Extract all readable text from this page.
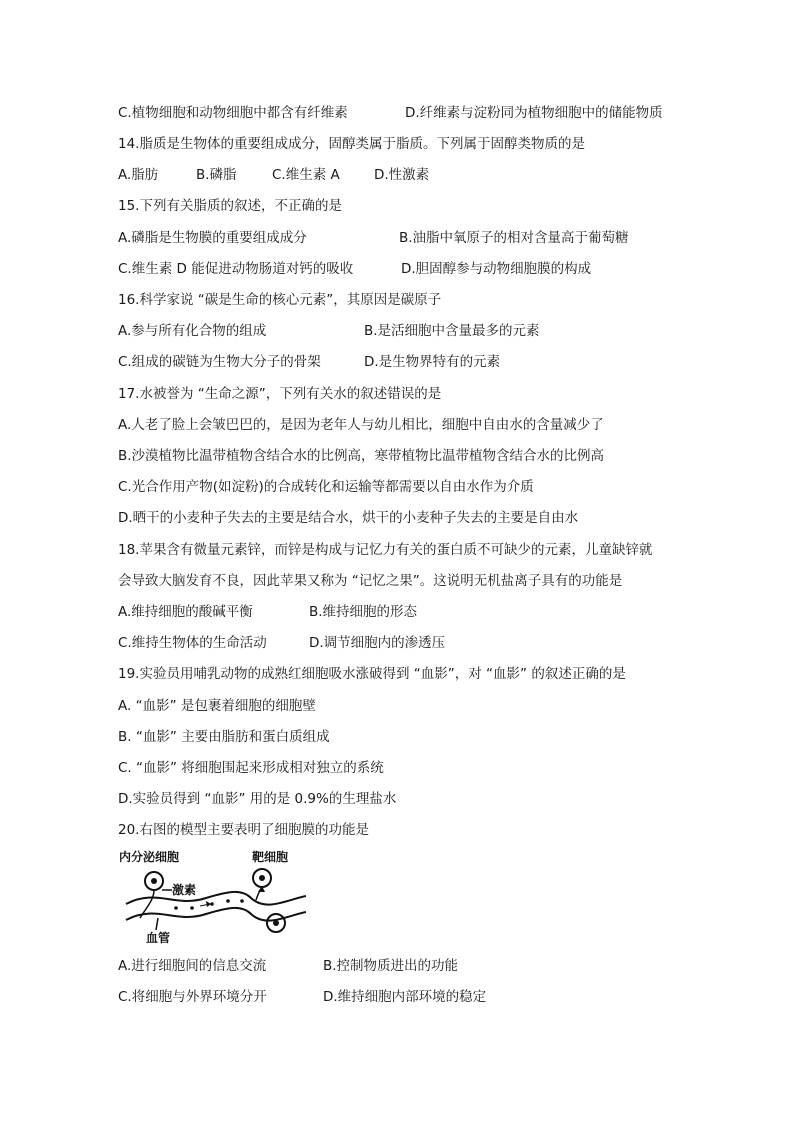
C.植物细胞和动物细胞中都含有纤维素	D.纤维素与淀粉同为植物细胞中的储能物质
14.脂质是生物体的重要组成成分，固醇类属于脂质。下列属于固醇类物质的是
A.脂肪	B.磷脂	C.维生素 A	D.性激素
15.下列有关脂质的叙述，不正确的是
A.磷脂是生物膜的重要组成成分	B.油脂中氧原子的相对含量高于葡萄糖
C.维生素 D 能促进动物肠道对钙的吸收	D.胆固醇参与动物细胞膜的构成
16.科学家说 “碳是生命的核心元素”，其原因是碳原子
A.参与所有化合物的组成	B.是活细胞中含量最多的元素
C.组成的碳链为生物大分子的骨架	D.是生物界特有的元素
17.水被誉为 “生命之源”，下列有关水的叙述错误的是
A.人老了脸上会皱巴巴的，是因为老年人与幼儿相比，细胞中自由水的含量减少了
B.沙漠植物比温带植物含结合水的比例高，寒带植物比温带植物含结合水的比例高
C.光合作用产物(如淀粉)的合成转化和运输等都需要以自由水作为介质
D.晒干的小麦种子失去的主要是结合水，烘干的小麦种子失去的主要是自由水
18.苹果含有微量元素锌，而锌是构成与记忆力有关的蛋白质不可缺少的元素，儿童缺锌就
会导致大脑发育不良，因此苹果又称为 “记忆之果”。这说明无机盐离子具有的功能是
A.维持细胞的酸碱平衡	B.维持细胞的形态
C.维持生物体的生命活动	D.调节细胞内的渗透压
19.实验员用哺乳动物的成熟红细胞吸水涨破得到 “血影”，对 “血影” 的叙述正确的是
A. “血影” 是包裹着细胞的细胞壁
B. “血影” 主要由脂肪和蛋白质组成
C. “血影” 将细胞围起来形成相对独立的系统
D.实验员得到 “血影” 用的是 0.9%的生理盐水
20.右图的模型主要表明了细胞膜的功能是
内分泌细胞	靶细胞
激素
血管
A.进行细胞间的信息交流	B.控制物质进出的功能
C.将细胞与外界环境分开	D.维持细胞内部环境的稳定
